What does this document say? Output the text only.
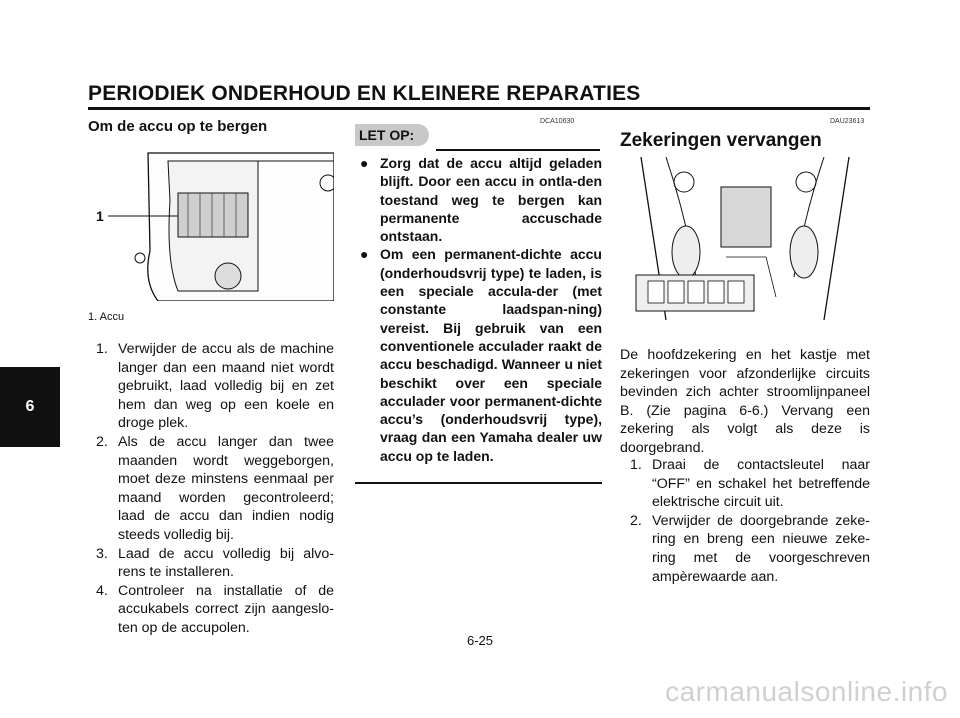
PERIODIEK ONDERHOUD EN KLEINERE REPARATIES
6
Om de accu op te bergen	DCA10630
1
1. Accu
1. Verwijder de accu als de machine langer dan een maand niet wordt gebruikt, laad volledig bij en zet hem dan weg op een koele en droge plek.
2. Als de accu langer dan twee maanden wordt weggeborgen, moet deze minstens eenmaal per maand worden gecontroleerd; laad de accu dan indien nodig steeds volledig bij.
3. Laad de accu volledig bij alvo-rens te installeren.
4. Controleer na installatie of de accukabels correct zijn aangeslo-ten op de accupolen.
LET OP:
● Zorg dat de accu altijd geladen blijft. Door een accu in ontla-den toestand weg te bergen kan permanente accuschade ontstaan.
● Om een permanent-dichte accu (onderhoudsvrij type) te laden, is een speciale accula-der (met constante laadspan-ning) vereist. Bij gebruik van een conventionele acculader raakt de accu beschadigd. Wanneer u niet beschikt over een speciale acculader voor permanent-dichte accu’s (onderhoudsvrij type), vraag dan een Yamaha dealer uw accu op te laden.
DAU23613
Zekeringen vervangen
De hoofdzekering en het kastje met zekeringen voor afzonderlijke circuits bevinden zich achter stroomlijnpaneel B. (Zie pagina 6-6.) Vervang een zekering als volgt als deze is doorgebrand.
1. Draai de contactsleutel naar “OFF” en schakel het betreffende elektrische circuit uit.
2. Verwijder de doorgebrande zeke-ring en breng een nieuwe zeke-ring met de voorgeschreven ampèrewaarde aan.
6-25
carmanualsonline.info
